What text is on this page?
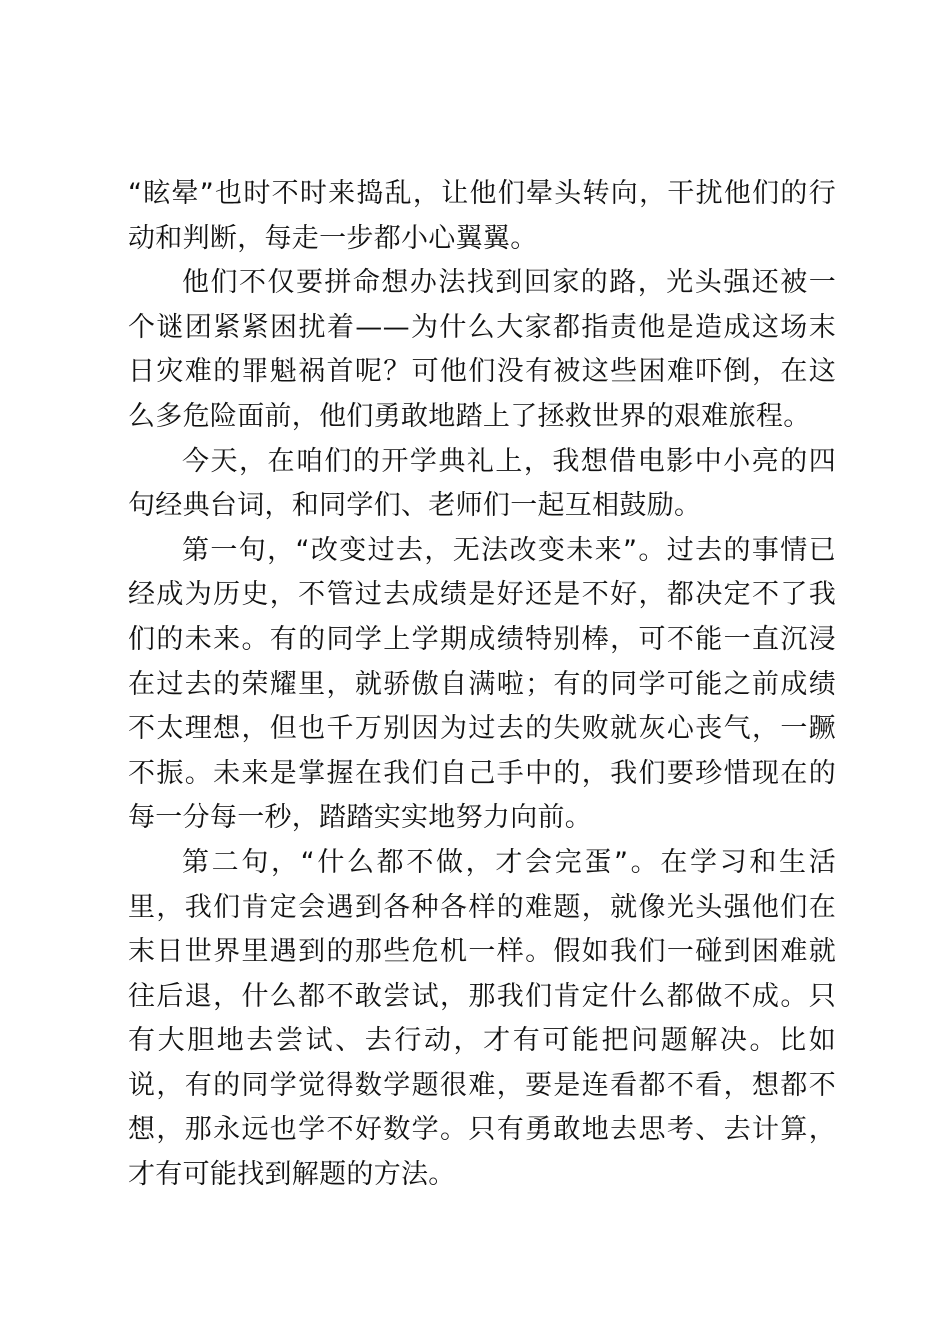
“眩晕”也时不时来捣乱，让他们晕头转向，干扰他们的行动和判断，每走一步都小心翼翼。

他们不仅要拼命想办法找到回家的路，光头强还被一个谜团紧紧困扰着——为什么大家都指责他是造成这场末日灾难的罪魁祸首呢？可他们没有被这些困难吓倒，在这么多危险面前，他们勇敢地踏上了拯救世界的艰难旅程。

今天，在咱们的开学典礼上，我想借电影中小亮的四句经典台词，和同学们、老师们一起互相鼓励。

第一句，“改变过去，无法改变未来”。过去的事情已经成为历史，不管过去成绩是好还是不好，都决定不了我们的未来。有的同学上学期成绩特别棒，可不能一直沉浸在过去的荣耀里，就骄傲自满啦；有的同学可能之前成绩不太理想，但也千万别因为过去的失败就灰心丧气，一蹶不振。未来是掌握在我们自己手中的，我们要珍惜现在的每一分每一秒，踏踏实实地努力向前。

第二句，“什么都不做，才会完蛋”。在学习和生活里，我们肯定会遇到各种各样的难题，就像光头强他们在末日世界里遇到的那些危机一样。假如我们一碰到困难就往后退，什么都不敢尝试，那我们肯定什么都做不成。只有大胆地去尝试、去行动，才有可能把问题解决。比如说，有的同学觉得数学题很难，要是连看都不看，想都不想，那永远也学不好数学。只有勇敢地去思考、去计算，才有可能找到解题的方法。
